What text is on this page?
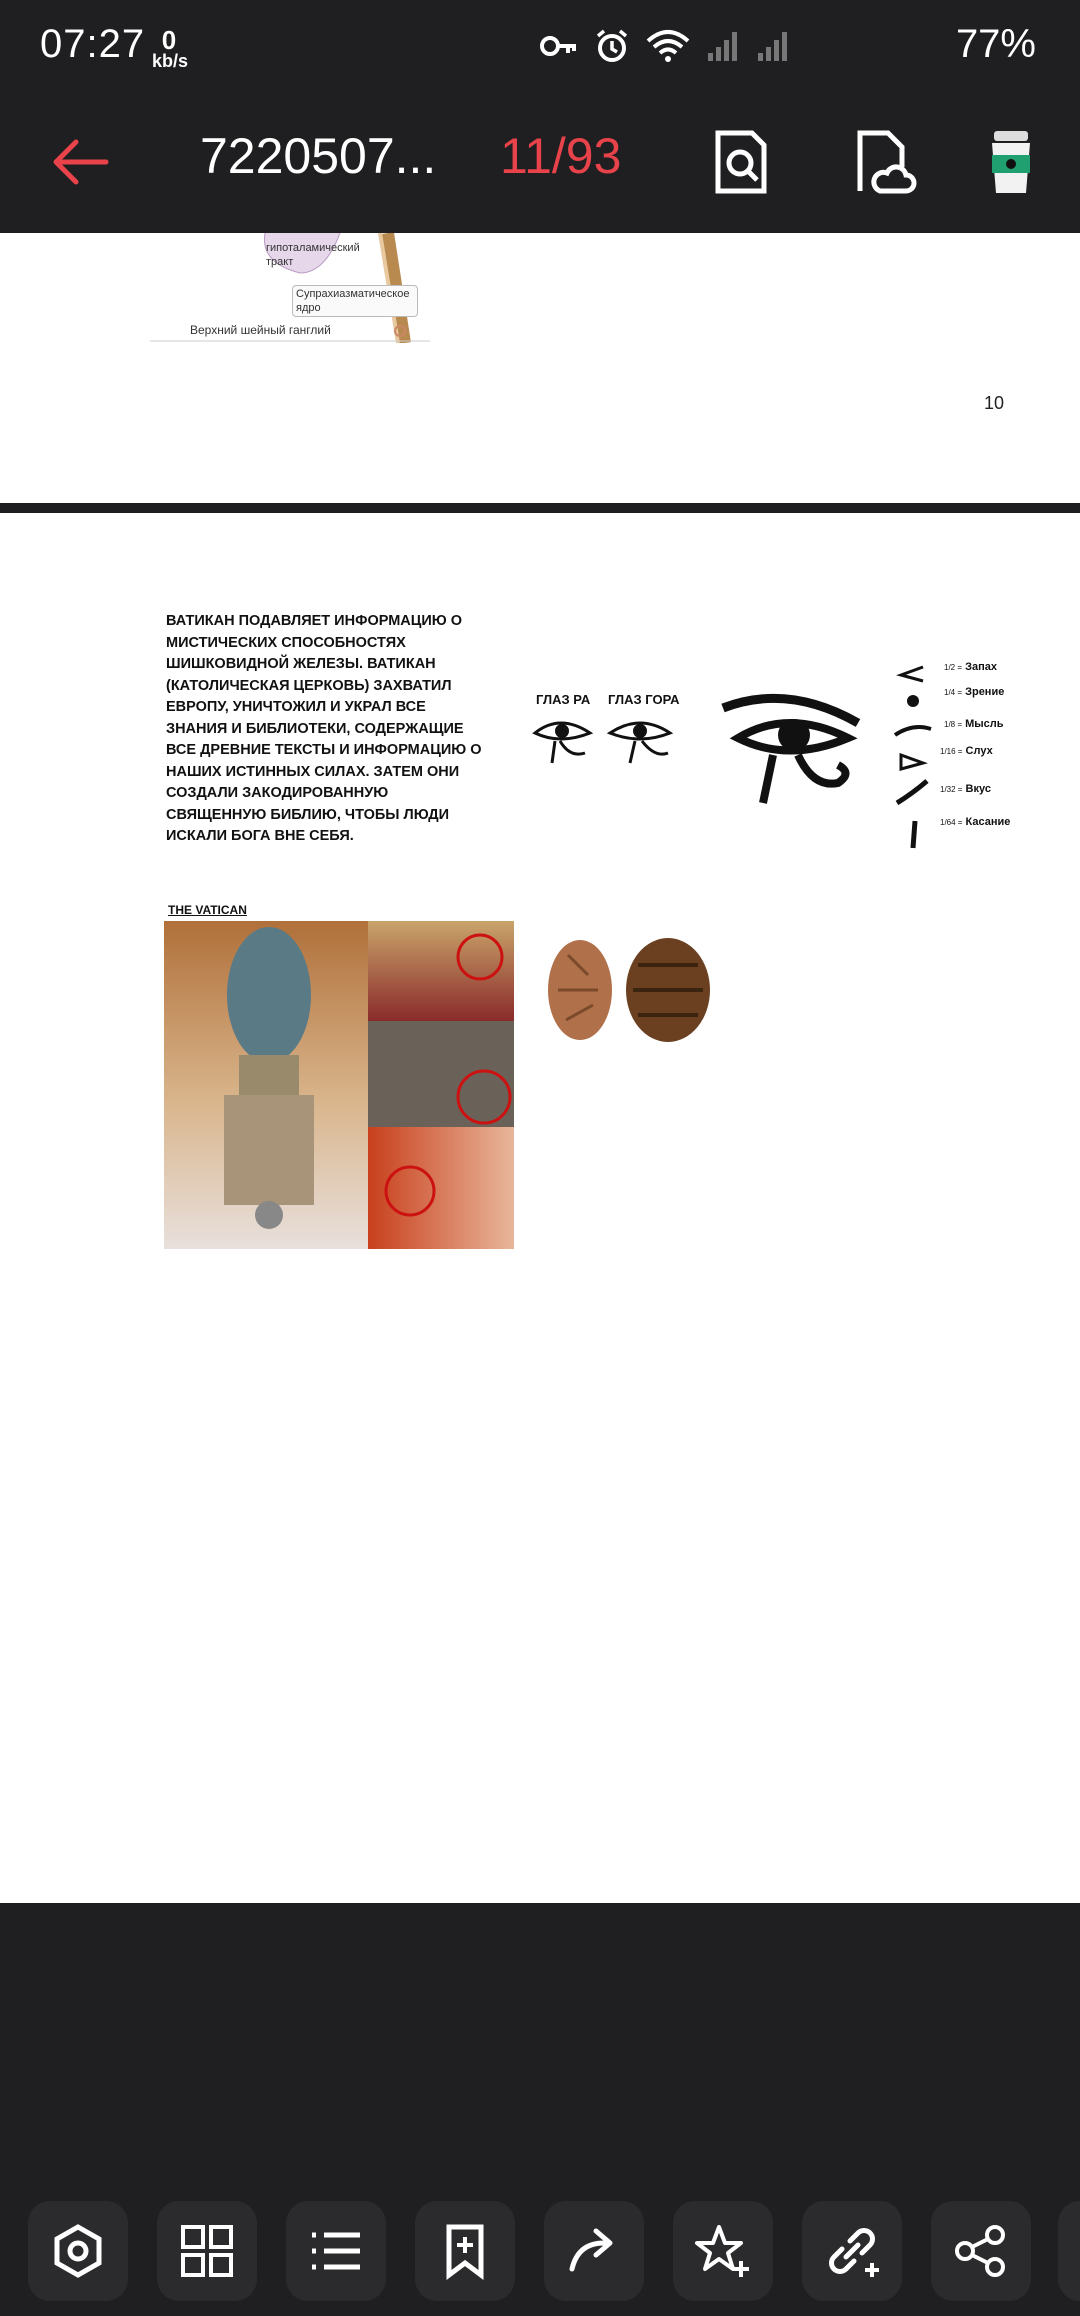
07:27 0
kb/s	77%
7220507... 11/93
гипоталамический тракт
Супрахиазматическое ядро
Верхний шейный ганглий
10
ВАТИКАН ПОДАВЛЯЕТ ИНФОРМАЦИЮ О МИСТИЧЕСКИХ СПОСОБНОСТЯХ ШИШКОВИДНОЙ ЖЕЛЕЗЫ. ВАТИКАН (КАТОЛИЧЕСКАЯ ЦЕРКОВЬ) ЗАХВАТИЛ ЕВРОПУ, УНИЧТОЖИЛ И УКРАЛ ВСЕ ЗНАНИЯ И БИБЛИОТЕКИ, СОДЕРЖАЩИЕ ВСЕ ДРЕВНИЕ ТЕКСТЫ И ИНФОРМАЦИЮ О НАШИХ ИСТИННЫХ СИЛАХ. ЗАТЕМ ОНИ СОЗДАЛИ ЗАКОДИРОВАННУЮ СВЯЩЕННУЮ БИБЛИЮ, ЧТОБЫ ЛЮДИ ИСКАЛИ БОГА ВНЕ СЕБЯ.
ГЛАЗ РА ГЛАЗ ГОРА
1/2 = Запах
1/4 = Зрение
1/8 = Мысль
1/16 = Слух
1/32 = Вкус
1/64 = Касание
THE VATICAN
